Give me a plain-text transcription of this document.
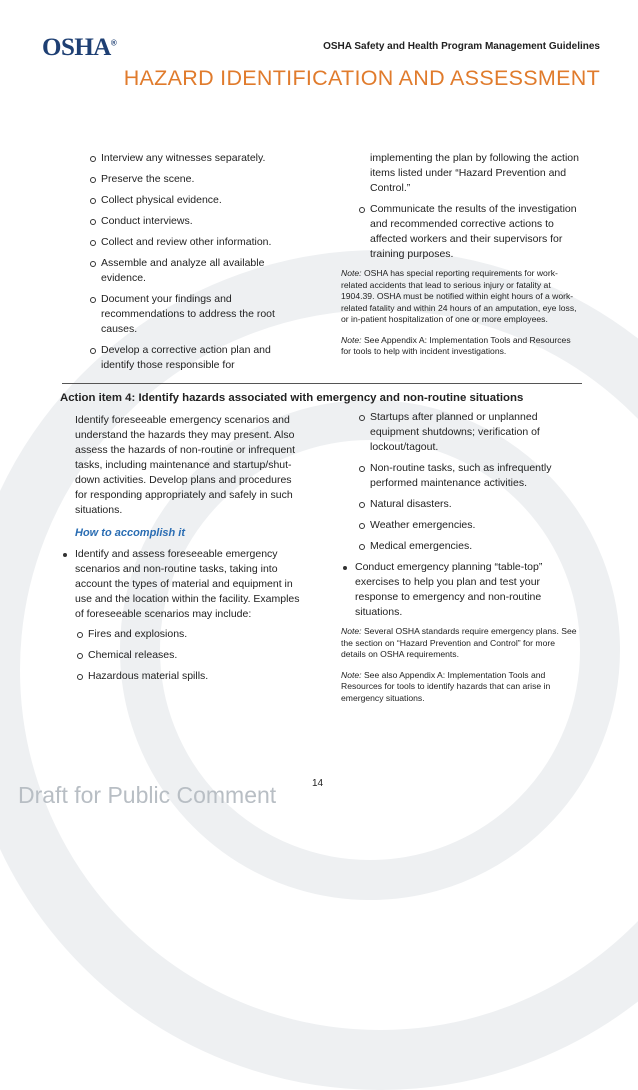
OSHA®	OSHA Safety and Health Program Management Guidelines
HAZARD IDENTIFICATION AND ASSESSMENT
Interview any witnesses separately.
Preserve the scene.
Collect physical evidence.
Conduct interviews.
Collect and review other information.
Assemble and analyze all available evidence.
Document your findings and recommendations to address the root causes.
Develop a corrective action plan and identify those responsible for
implementing the plan by following the action items listed under “Hazard Prevention and Control.”
Communicate the results of the investigation and recommended corrective actions to affected workers and their supervisors for training purposes.
Note: OSHA has special reporting requirements for work-related accidents that lead to serious injury or fatality at 1904.39. OSHA must be notified within eight hours of a work-related fatality and within 24 hours of an amputation, eye loss, or in-patient hospitalization of one or more employees.
Note: See Appendix A: Implementation Tools and Resources for tools to help with incident investigations.
Action item 4: Identify hazards associated with emergency and non-routine situations

Identify foreseeable emergency scenarios and understand the hazards they may present. Also assess the hazards of non-routine or infrequent tasks, including maintenance and startup/shut-down activities. Develop plans and procedures for responding appropriately and safely in such situations.

How to accomplish it
Identify and assess foreseeable emergency scenarios and non-routine tasks, taking into account the types of material and equipment in use and the location within the facility. Examples of foreseeable scenarios may include:
Fires and explosions.
Chemical releases.
Hazardous material spills.
Startups after planned or unplanned equipment shutdowns; verification of lockout/tagout.
Non-routine tasks, such as infrequently performed maintenance activities.
Natural disasters.
Weather emergencies.
Medical emergencies.
Conduct emergency planning “table-top” exercises to help you plan and test your response to emergency and non-routine situations.
Note: Several OSHA standards require emergency plans. See the section on “Hazard Prevention and Control” for more details on OSHA requirements.
Note: See also Appendix A: Implementation Tools and Resources for tools to identify hazards that can arise in emergency situations.
14
Draft for Public Comment
